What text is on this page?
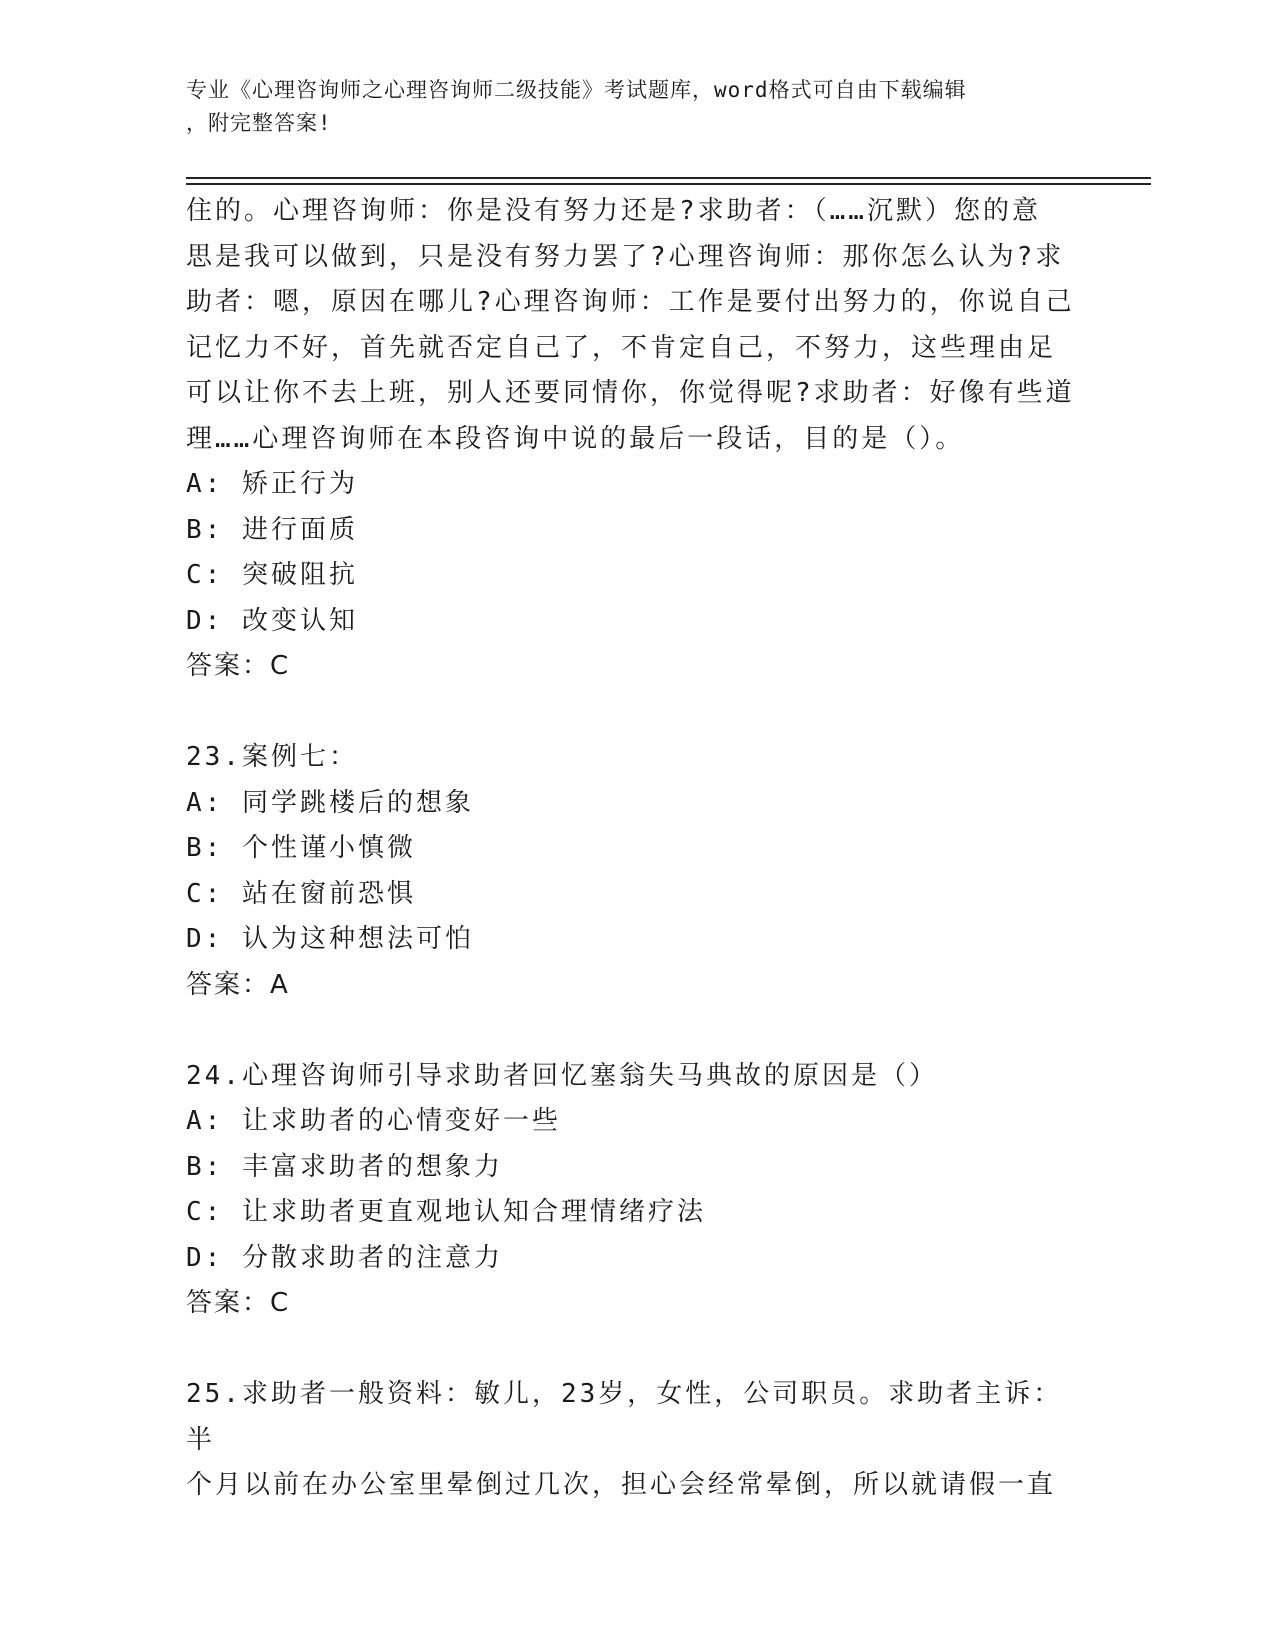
专业《心理咨询师之心理咨询师二级技能》考试题库，word格式可自由下载编辑
，附完整答案!

住的。心理咨询师：你是没有努力还是?求助者：（……沉默）您的意

思是我可以做到，只是没有努力罢了?心理咨询师：那你怎么认为?求

助者：嗯，原因在哪儿?心理咨询师：工作是要付出努力的，你说自己

记忆力不好，首先就否定自己了，不肯定自己，不努力，这些理由足

可以让你不去上班，别人还要同情你，你觉得呢?求助者：好像有些道

理……心理咨询师在本段咨询中说的最后一段话，目的是（）。

A: 矫正行为

B: 进行面质

C: 突破阻抗

D: 改变认知

答案：C

23.案例七：

A: 同学跳楼后的想象

B: 个性谨小慎微

C: 站在窗前恐惧

D: 认为这种想法可怕

答案：A

24.心理咨询师引导求助者回忆塞翁失马典故的原因是（）

A: 让求助者的心情变好一些

B: 丰富求助者的想象力

C: 让求助者更直观地认知合理情绪疗法

D: 分散求助者的注意力

答案：C

25.求助者一般资料：敏儿，23岁，女性，公司职员。求助者主诉：半

个月以前在办公室里晕倒过几次，担心会经常晕倒，所以就请假一直
